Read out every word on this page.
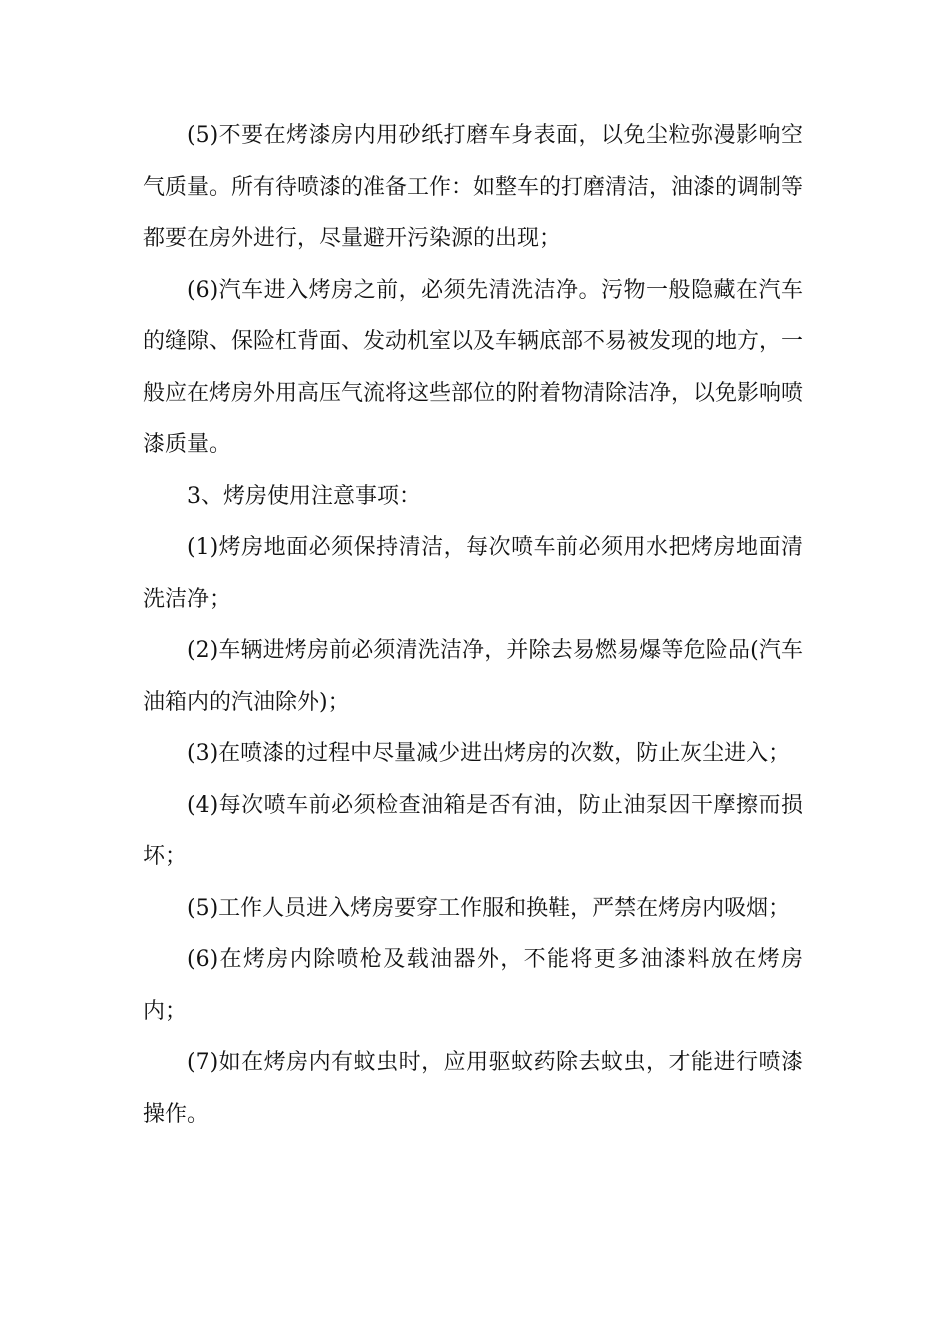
(5)不要在烤漆房内用砂纸打磨车身表面，以免尘粒弥漫影响空气质量。所有待喷漆的准备工作：如整车的打磨清洁，油漆的调制等都要在房外进行，尽量避开污染源的出现；

(6)汽车进入烤房之前，必须先清洗洁净。污物一般隐藏在汽车的缝隙、保险杠背面、发动机室以及车辆底部不易被发现的地方，一般应在烤房外用高压气流将这些部位的附着物清除洁净，以免影响喷漆质量。

3、烤房使用注意事项：

(1)烤房地面必须保持清洁，每次喷车前必须用水把烤房地面清洗洁净；

(2)车辆进烤房前必须清洗洁净，并除去易燃易爆等危险品(汽车油箱内的汽油除外)；

(3)在喷漆的过程中尽量减少进出烤房的次数，防止灰尘进入；

(4)每次喷车前必须检查油箱是否有油，防止油泵因干摩擦而损坏；

(5)工作人员进入烤房要穿工作服和换鞋，严禁在烤房内吸烟；

(6)在烤房内除喷枪及载油器外，不能将更多油漆料放在烤房内；

(7)如在烤房内有蚊虫时，应用驱蚊药除去蚊虫，才能进行喷漆操作。
